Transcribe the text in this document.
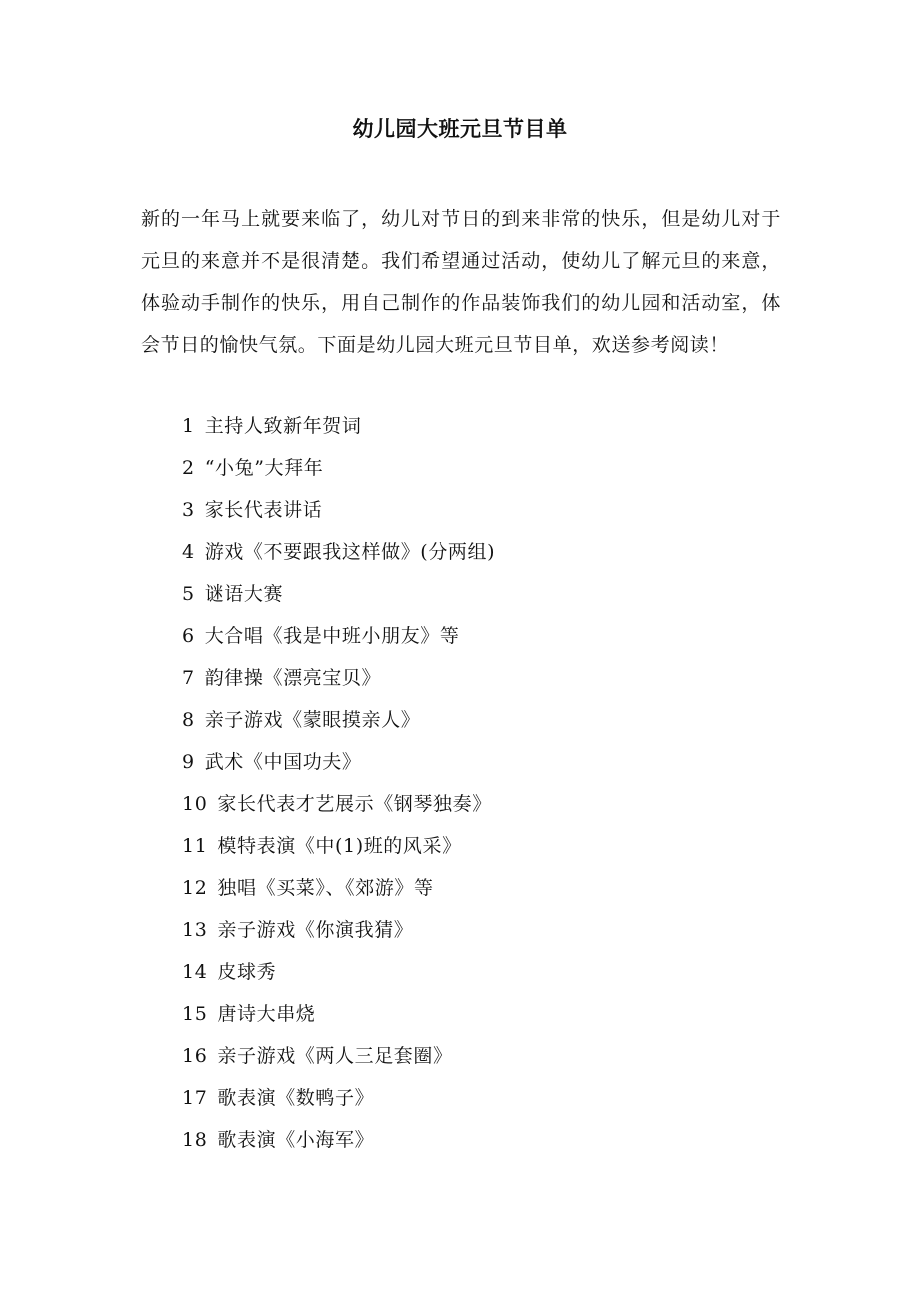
幼儿园大班元旦节目单
新的一年马上就要来临了，幼儿对节日的到来非常的快乐，但是幼儿对于元旦的来意并不是很清楚。我们希望通过活动，使幼儿了解元旦的来意，体验动手制作的快乐，用自己制作的作品装饰我们的幼儿园和活动室，体会节日的愉快气氛。下面是幼儿园大班元旦节目单，欢送参考阅读！
1 主持人致新年贺词
2 “小兔”大拜年
3 家长代表讲话
4 游戏《不要跟我这样做》(分两组)
5 谜语大赛
6 大合唱《我是中班小朋友》等
7 韵律操《漂亮宝贝》
8 亲子游戏《蒙眼摸亲人》
9 武术《中国功夫》
10 家长代表才艺展示《钢琴独奏》
11 模特表演《中(1)班的风采》
12 独唱《买菜》、《郊游》等
13 亲子游戏《你演我猜》
14 皮球秀
15 唐诗大串烧
16 亲子游戏《两人三足套圈》
17 歌表演《数鸭子》
18 歌表演《小海军》
